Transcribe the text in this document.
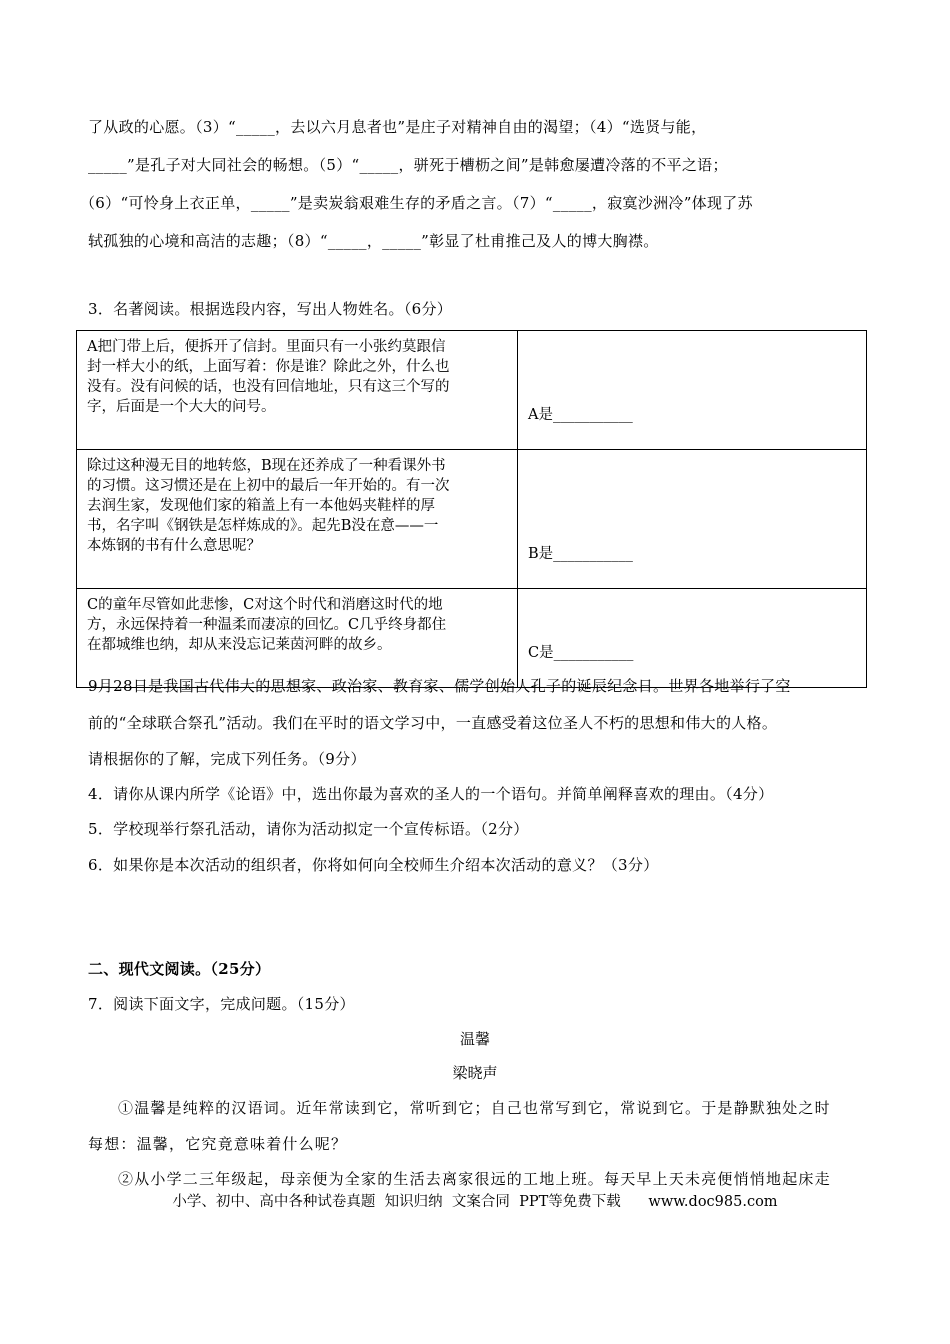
了从政的心愿。（3）“_____，去以六月息者也”是庄子对精神自由的渴望；（4）“选贤与能，
_____”是孔子对大同社会的畅想。（5）“_____，骈死于槽枥之间”是韩愈屡遭冷落的不平之语；
（6）“可怜身上衣正单，_____”是卖炭翁艰难生存的矛盾之言。（7）“_____，寂寞沙洲冷”体现了苏
轼孤独的心境和高洁的志趣；（8）“_____，_____”彰显了杜甫推己及人的博大胸襟。
3．名著阅读。根据选段内容，写出人物姓名。（6分）
A把门带上后，便拆开了信封。里面只有一小张约莫跟信
封一样大小的纸，上面写着：你是谁？除此之外，什么也
没有。没有问候的话，也没有回信地址，只有这三个写的
字，后面是一个大大的问号。	A是___________

除过这种漫无目的地转悠，B现在还养成了一种看课外书
的习惯。这习惯还是在上初中的最后一年开始的。有一次
去润生家，发现他们家的箱盖上有一本他妈夹鞋样的厚
书，名字叫《钢铁是怎样炼成的》。起先B没在意——一
本炼钢的书有什么意思呢？	B是___________

C的童年尽管如此悲惨，C对这个时代和消磨这时代的地
方，永远保持着一种温柔而凄凉的回忆。C几乎终身都住
在都城维也纳，却从来没忘记莱茵河畔的故乡。	C是___________
9月28日是我国古代伟大的思想家、政治家、教育家、儒学创始人孔子的诞辰纪念日。世界各地举行了空
前的“全球联合祭孔”活动。我们在平时的语文学习中，一直感受着这位圣人不朽的思想和伟大的人格。
请根据你的了解，完成下列任务。（9分）
4．请你从课内所学《论语》中，选出你最为喜欢的圣人的一个语句。并简单阐释喜欢的理由。（4分）
5．学校现举行祭孔活动，请你为活动拟定一个宣传标语。（2分）
6．如果你是本次活动的组织者，你将如何向全校师生介绍本次活动的意义？（3分）
二、现代文阅读。（25分）
7．阅读下面文字，完成问题。（15分）
温馨
梁晓声
①温馨是纯粹的汉语词。近年常读到它，常听到它；自己也常写到它，常说到它。于是静默独处之时
每想：温馨，它究竟意味着什么呢？
②从小学二三年级起，母亲便为全家的生活去离家很远的工地上班。每天早上天未亮便悄悄地起床走
小学、初中、高中各种试卷真题  知识归纳  文案合同  PPT等免费下载      www.doc985.com
